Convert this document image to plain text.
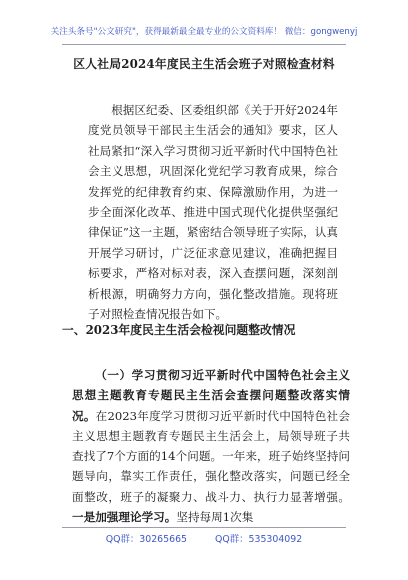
关注头条号"公文研究"，获得最新最全最专业的公文资料库！ 微信：gongwenyj
区人社局2024年度民主生活会班子对照检查材料

根据区纪委、区委组织部《关于开好2024年度党员领导干部民主生活会的通知》要求，区人社局紧扣“深入学习贯彻习近平新时代中国特色社会主义思想，巩固深化党纪学习教育成果，综合发挥党的纪律教育约束、保障激励作用，为进一步全面深化改革、推进中国式现代化提供坚强纪律保证”这一主题，紧密结合领导班子实际，认真开展学习研讨，广泛征求意见建议，准确把握目标要求，严格对标对表，深入查摆问题，深刻剖析根源，明确努力方向，强化整改措施。现将班子对照检查情况报告如下。

一、2023年度民主生活会检视问题整改情况

（一）学习贯彻习近平新时代中国特色社会主义思想主题教育专题民主生活会查摆问题整改落实情况。在2023年度学习贯彻习近平新时代中国特色社会主义思想主题教育专题民主生活会上，局领导班子共查找了7个方面的14个问题。一年来，班子始终坚持问题导向，靠实工作责任，强化整改落实，问题已经全面整改，班子的凝聚力、战斗力、执行力显著增强。一是加强理论学习。坚持每周1次集

QQ群：30265665	QQ群：535304092
